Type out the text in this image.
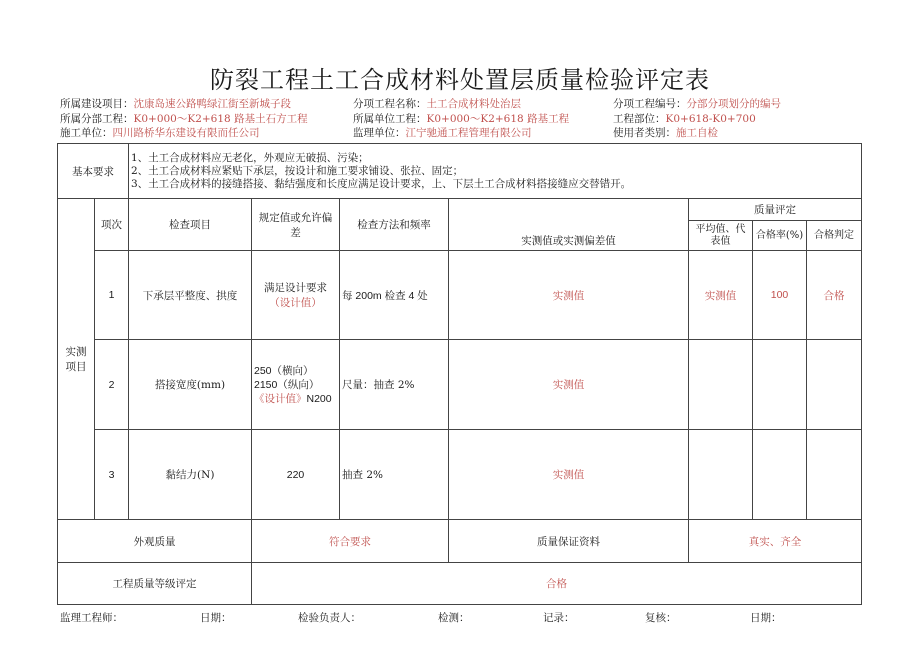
防裂工程土工合成材料处置层质量检验评定表
所属建设项目：沈康岛速公路鸭绿江街至新城子段	分项工程名称：土工合成材料处治层	分项工程编号：分部分项划分的编号
所属分部工程：K0+000～K2+618 路基土石方工程	所属单位工程：K0+000～K2+618 路基工程	工程部位：K0+618-K0+700
施工单位：四川路桥华东建设有限而任公司	监理单位：江宁驰通工程管理有限公司	使用者类别：施工自检
基本要求		1、土工合成材料应无老化，外观应无破损、污染；

2、土工合成材料应紧贴下承层，按设计和施工要求铺设、张拉、固定；

3、土工合成材料的接缝搭接、黏结强度和长度应满足设计要求，上、下层土工合成材料搭接缝应交替错开。						

实测项目	项次	检查项目	规定值或允许偏差	检查方法和频率	实测值或实测偏差值	质量评定		
						平均值、代表值	合格率(%)	合格判定
	1	下承层平整度、拱度	满足设计要求（设计值）	每 200m 检查 4 处	实测值	实测值	100	合格
	2	搭接宽度(mm)	250（横向）
2150（纵向）
《设计值》N200	尺量：抽查 2%	实测值			
	3	黏结力(N)	220	抽查 2%	实测值			
外观质量			符合要求		质量保证资料	真实、齐全		
工程质量等级评定			合格					
监理工程师：	日期：	检验负责人：	检测：	记录：	复核：	日期：
